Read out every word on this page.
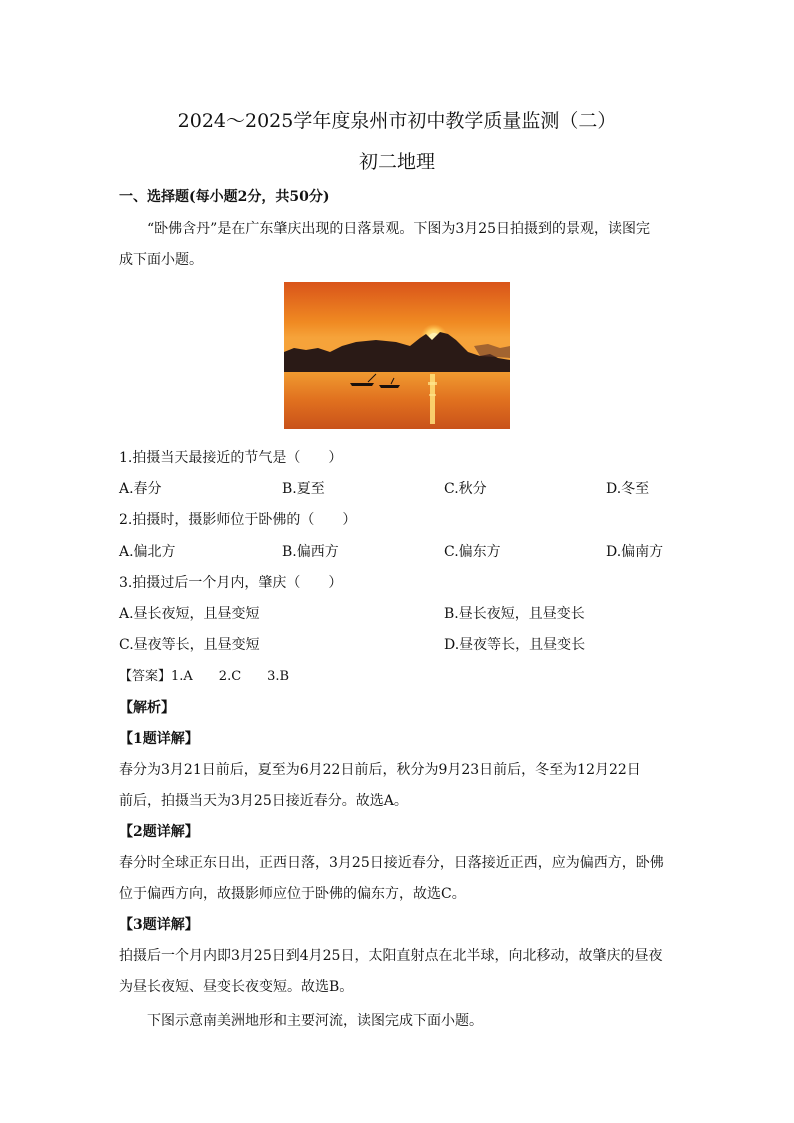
2024～2025学年度泉州市初中教学质量监测（二）
初二地理
一、选择题(每小题2分，共50分)
“卧佛含丹”是在广东肇庆出现的日落景观。下图为3月25日拍摄到的景观，读图完
成下面小题。
1.拍摄当天最接近的节气是（　　）
A.春分	B.夏至	C.秋分	D.冬至
2.拍摄时，摄影师位于卧佛的（　　）
A.偏北方	B.偏西方	C.偏东方	D.偏南方
3.拍摄过后一个月内，肇庆（　　）
A.昼长夜短，且昼变短	B.昼长夜短，且昼变长
C.昼夜等长，且昼变短	D.昼夜等长，且昼变长
【答案】1.A　　2.C　　3.B
【解析】
【1题详解】
春分为3月21日前后，夏至为6月22日前后，秋分为9月23日前后，冬至为12月22日
前后，拍摄当天为3月25日接近春分。故选A。
【2题详解】
春分时全球正东日出，正西日落，3月25日接近春分，日落接近正西，应为偏西方，卧佛
位于偏西方向，故摄影师应位于卧佛的偏东方，故选C。
【3题详解】
拍摄后一个月内即3月25日到4月25日，太阳直射点在北半球，向北移动，故肇庆的昼夜
为昼长夜短、昼变长夜变短。故选B。
下图示意南美洲地形和主要河流，读图完成下面小题。
